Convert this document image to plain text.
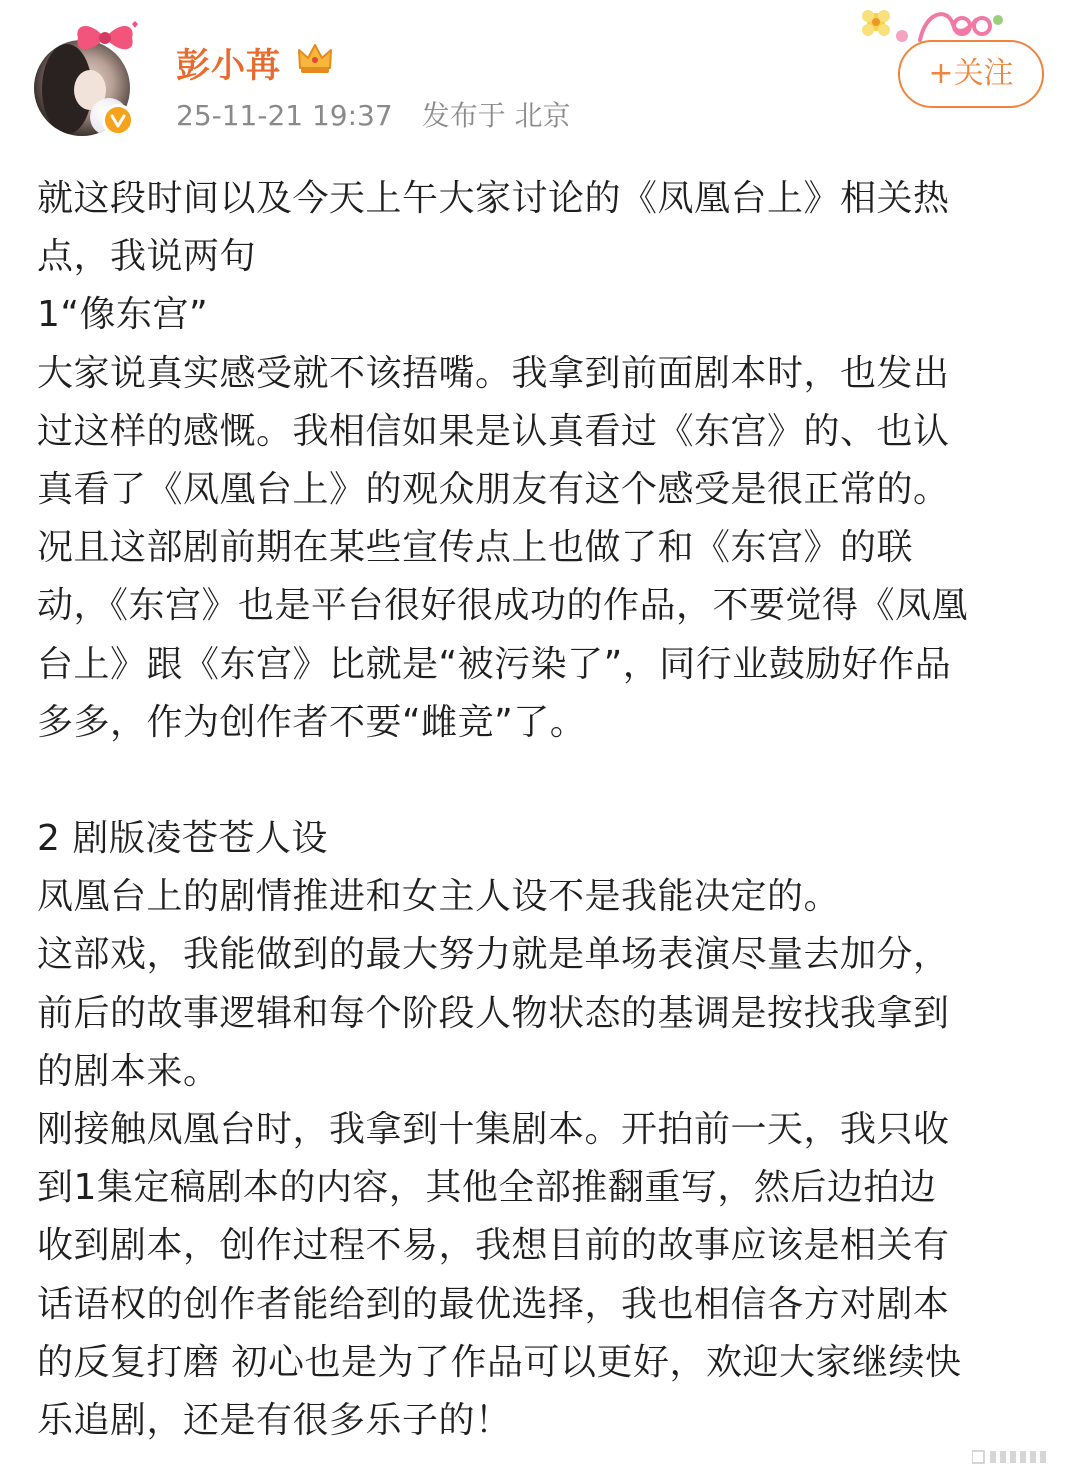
彭小苒
25-11-21 19:37 发布于 北京
+关注
就这段时间以及今天上午大家讨论的《凤凰台上》相关热
点，我说两句
1“像东宫”
大家说真实感受就不该捂嘴。我拿到前面剧本时，也发出
过这样的感慨。我相信如果是认真看过《东宫》的、也认
真看了《凤凰台上》的观众朋友有这个感受是很正常的。
况且这部剧前期在某些宣传点上也做了和《东宫》的联
动，《东宫》也是平台很好很成功的作品，不要觉得《凤凰
台上》跟《东宫》比就是“被污染了”，同行业鼓励好作品
多多，作为创作者不要“雌竞”了。
2 剧版凌苍苍人设
凤凰台上的剧情推进和女主人设不是我能决定的。
这部戏，我能做到的最大努力就是单场表演尽量去加分，
前后的故事逻辑和每个阶段人物状态的基调是按找我拿到
的剧本来。
刚接触凤凰台时，我拿到十集剧本。开拍前一天，我只收
到1集定稿剧本的内容，其他全部推翻重写，然后边拍边
收到剧本，创作过程不易，我想目前的故事应该是相关有
话语权的创作者能给到的最优选择，我也相信各方对剧本
的反复打磨 初心也是为了作品可以更好，欢迎大家继续快
乐追剧，还是有很多乐子的！
